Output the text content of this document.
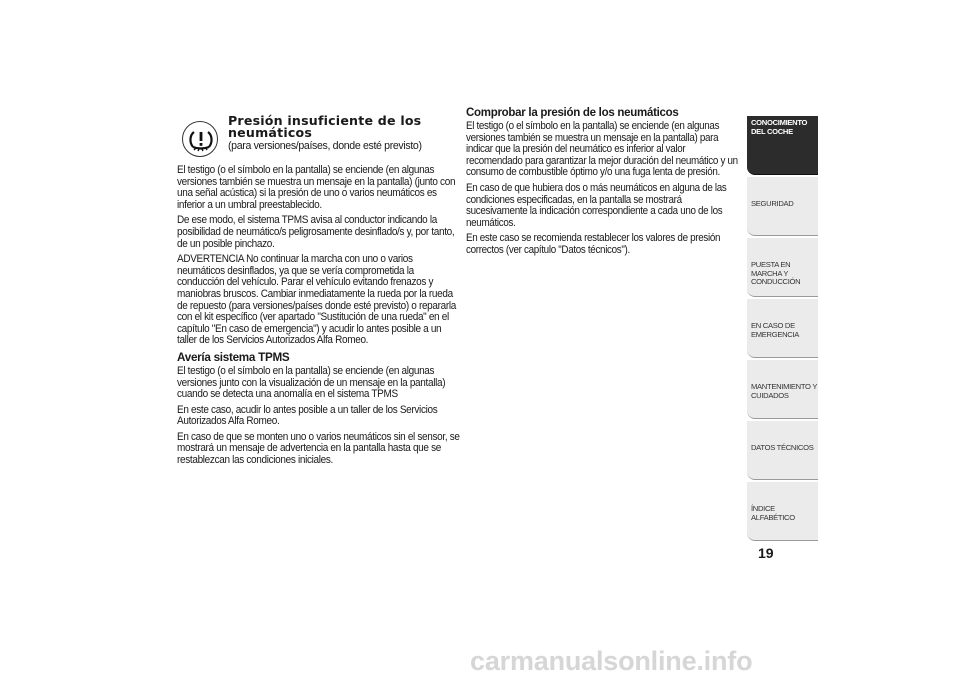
Presión insuficiente de los neumáticos
(para versiones/países, donde esté previsto)

El testigo (o el símbolo en la pantalla) se enciende (en algunas versiones también se muestra un mensaje en la pantalla) (junto con una señal acústica) si la presión de uno o varios neumáticos es inferior a un umbral preestablecido.

De ese modo, el sistema TPMS avisa al conductor indicando la posibilidad de neumático/s peligrosamente desinflado/s y, por tanto, de un posible pinchazo.

ADVERTENCIA No continuar la marcha con uno o varios neumáticos desinflados, ya que se vería comprometida la conducción del vehículo. Parar el vehículo evitando frenazos y maniobras bruscos. Cambiar inmediatamente la rueda por la rueda de repuesto (para versiones/países donde esté previsto) o repararla con el kit específico (ver apartado "Sustitución de una rueda" en el capítulo "En caso de emergencia") y acudir lo antes posible a un taller de los Servicios Autorizados Alfa Romeo.

Avería sistema TPMS

El testigo (o el símbolo en la pantalla) se enciende (en algunas versiones junto con la visualización de un mensaje en la pantalla) cuando se detecta una anomalía en el sistema TPMS

En este caso, acudir lo antes posible a un taller de los Servicios Autorizados Alfa Romeo.

En caso de que se monten uno o varios neumáticos sin el sensor, se mostrará un mensaje de advertencia en la pantalla hasta que se restablezcan las condiciones iniciales.

Comprobar la presión de los neumáticos

El testigo (o el símbolo en la pantalla) se enciende (en algunas versiones también se muestra un mensaje en la pantalla) para indicar que la presión del neumático es inferior al valor recomendado para garantizar la mejor duración del neumático y un consumo de combustible óptimo y/o una fuga lenta de presión.

En caso de que hubiera dos o más neumáticos en alguna de las condiciones especificadas, en la pantalla se mostrará sucesivamente la indicación correspondiente a cada uno de los neumáticos.

En este caso se recomienda restablecer los valores de presión correctos (ver capítulo "Datos técnicos").

CONOCIMIENTO DEL COCHE
SEGURIDAD
PUESTA EN MARCHA Y CONDUCCIÓN
EN CASO DE EMERGENCIA
MANTENIMIENTO Y CUIDADOS
DATOS TÉCNICOS
ÍNDICE ALFABÉTICO
19
carmanualsonline.info
